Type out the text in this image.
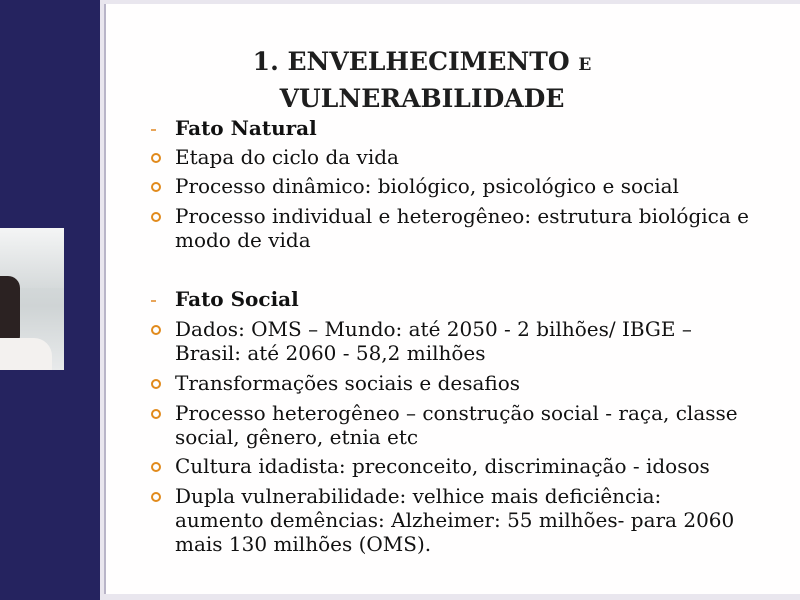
1. ENVELHECIMENTO E
VULNERABILIDADE
Fato Natural
Etapa do ciclo da vida
Processo dinâmico: biológico, psicológico e social
Processo individual e heterogêneo: estrutura biológica e
modo de vida
Fato Social
Dados: OMS – Mundo: até 2050 - 2 bilhões/ IBGE –
Brasil: até 2060 - 58,2 milhões
Transformações sociais e desafios
Processo heterogêneo – construção social - raça, classe
social, gênero, etnia etc
Cultura idadista: preconceito, discriminação - idosos
Dupla vulnerabilidade: velhice mais deficiência:
aumento demências: Alzheimer: 55 milhões- para 2060
mais 130 milhões (OMS).
